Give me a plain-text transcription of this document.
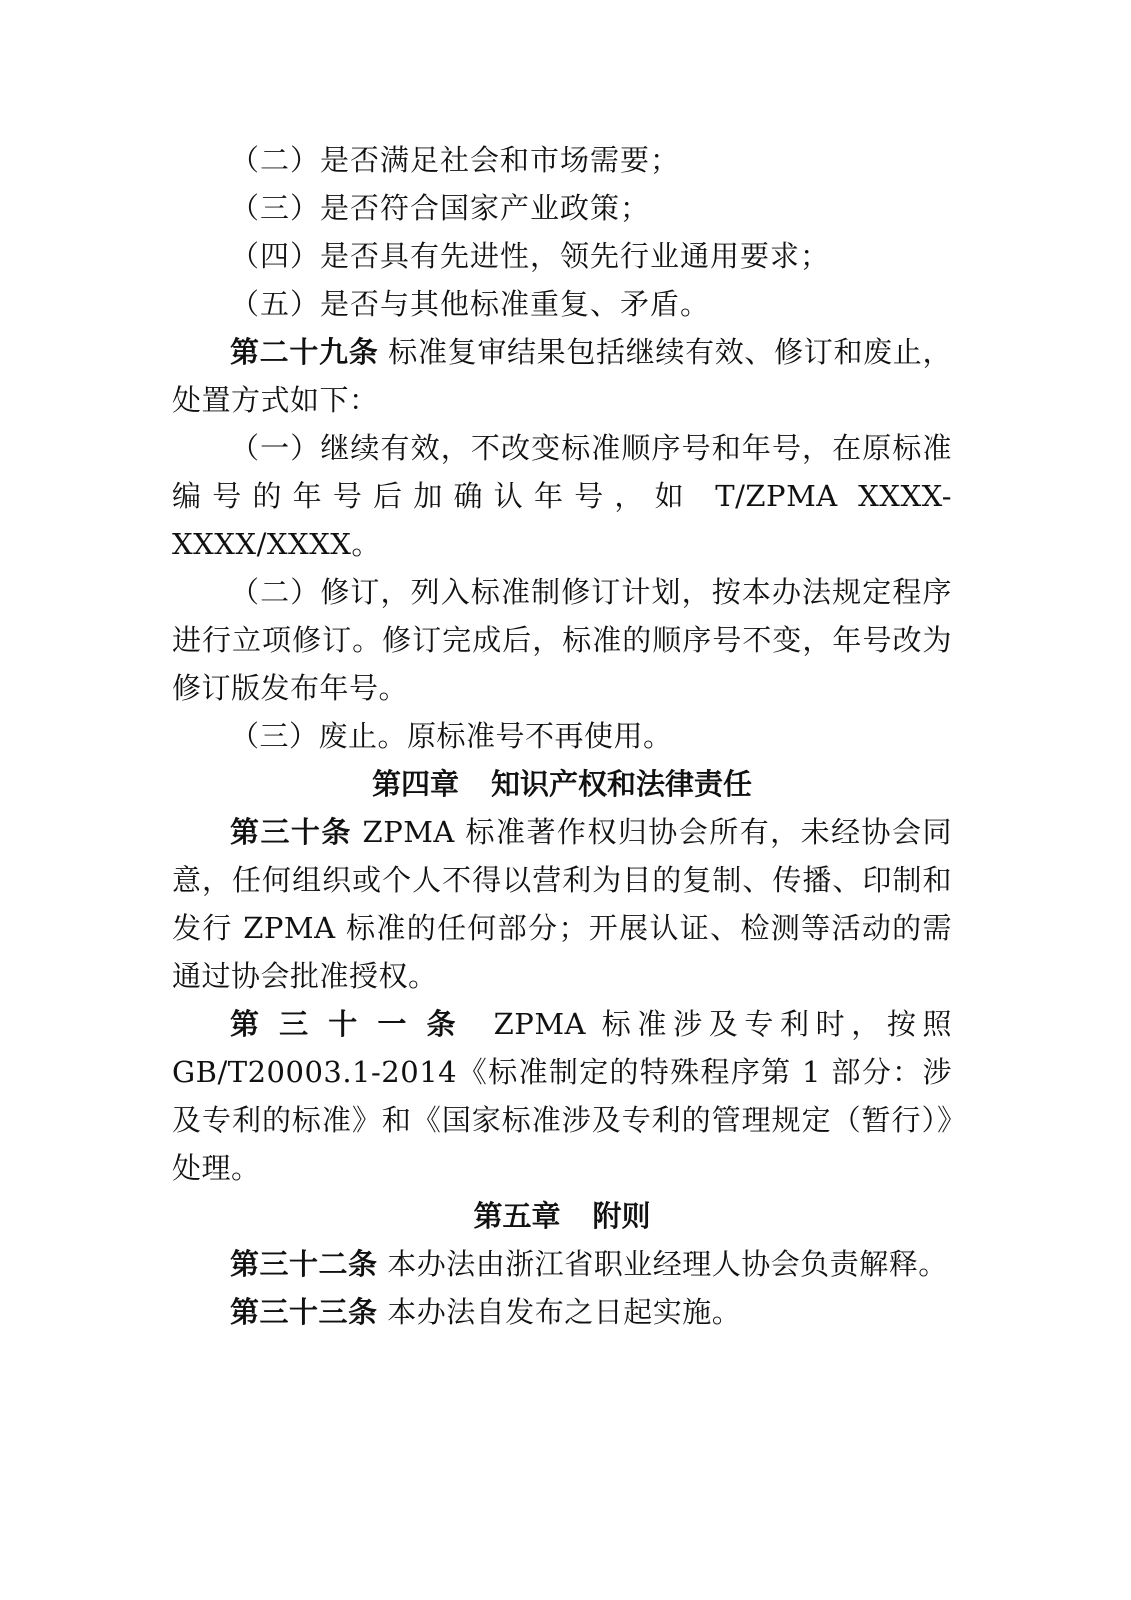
（二）是否满足社会和市场需要；

（三）是否符合国家产业政策；

（四）是否具有先进性，领先行业通用要求；

（五）是否与其他标准重复、矛盾。

第二十九条 标准复审结果包括继续有效、修订和废止，处置方式如下：

（一）继续有效，不改变标准顺序号和年号，在原标准编号的年号后加确认年号，如 T/ZPMA XXXX-XXXX/XXXX。

（二）修订，列入标准制修订计划，按本办法规定程序进行立项修订。修订完成后，标准的顺序号不变，年号改为修订版发布年号。

（三）废止。原标准号不再使用。

第四章 知识产权和法律责任

第三十条 ZPMA 标准著作权归协会所有，未经协会同意，任何组织或个人不得以营利为目的复制、传播、印制和发行 ZPMA 标准的任何部分；开展认证、检测等活动的需通过协会批准授权。

第三十一条 ZPMA 标准涉及专利时，按照 GB/T20003.1-2014《标准制定的特殊程序第 1 部分：涉及专利的标准》和《国家标准涉及专利的管理规定（暂行）》处理。

第五章 附则

第三十二条 本办法由浙江省职业经理人协会负责解释。

第三十三条 本办法自发布之日起实施。
